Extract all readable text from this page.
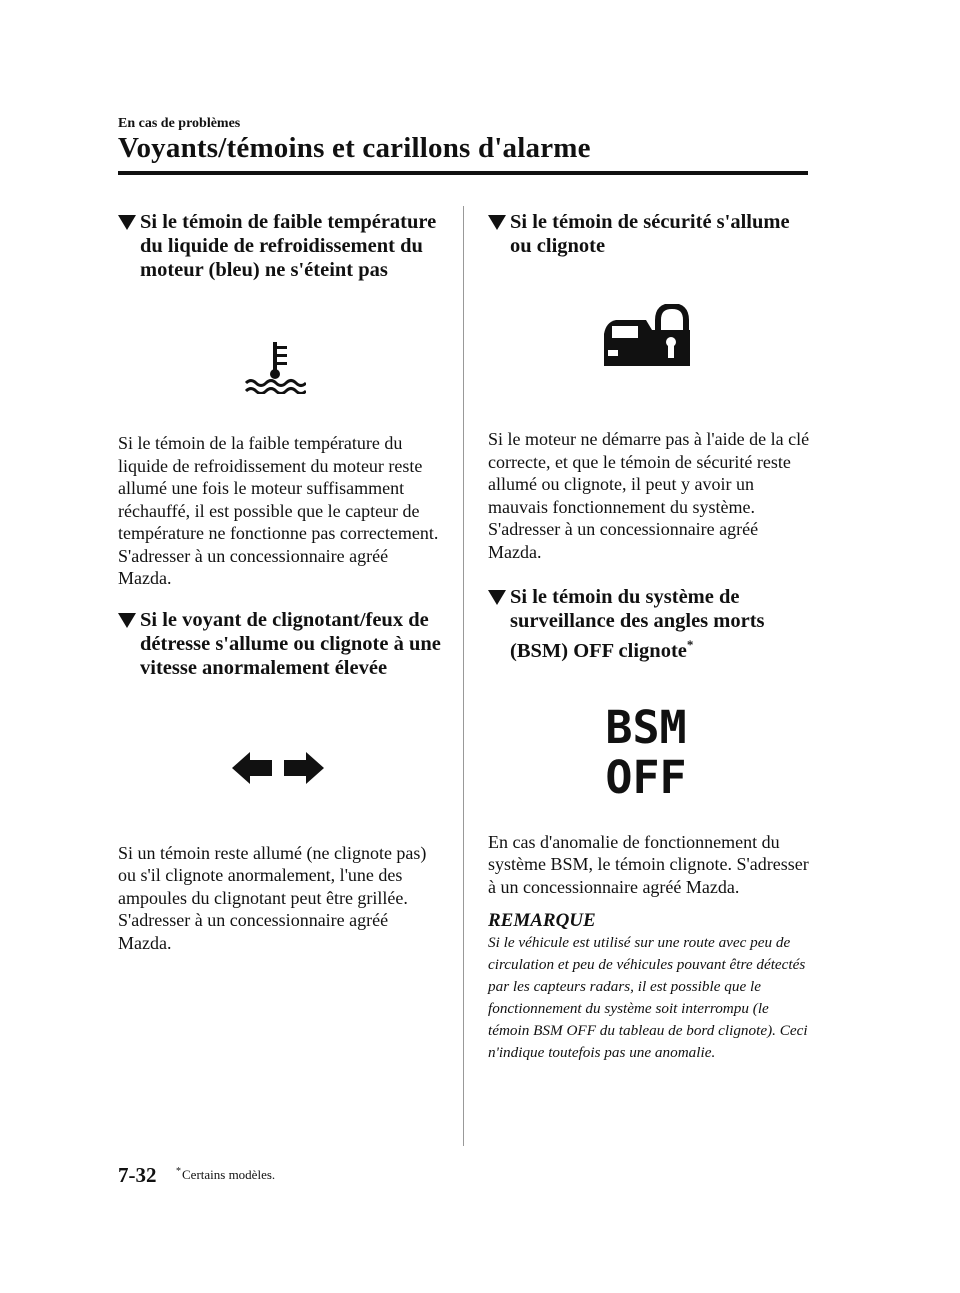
En cas de problèmes
Voyants/témoins et carillons d'alarme
Si le témoin de faible température du liquide de refroidissement du moteur (bleu) ne s'éteint pas

Si le témoin de la faible température du liquide de refroidissement du moteur reste allumé une fois le moteur suffisamment réchauffé, il est possible que le capteur de température ne fonctionne pas correctement. S'adresser à un concessionnaire agréé Mazda.

Si le voyant de clignotant/feux de détresse s'allume ou clignote à une vitesse anormalement élevée

Si un témoin reste allumé (ne clignote pas) ou s'il clignote anormalement, l'une des ampoules du clignotant peut être grillée. S'adresser à un concessionnaire agréé Mazda.

Si le témoin de sécurité s'allume ou clignote

Si le moteur ne démarre pas à l'aide de la clé correcte, et que le témoin de sécurité reste allumé ou clignote, il peut y avoir un mauvais fonctionnement du système. S'adresser à un concessionnaire agréé Mazda.

Si le témoin du système de surveillance des angles morts (BSM) OFF clignote*
BSM
OFF

En cas d'anomalie de fonctionnement du système BSM, le témoin clignote. S'adresser à un concessionnaire agréé Mazda.

REMARQUE

Si le véhicule est utilisé sur une route avec peu de circulation et peu de véhicules pouvant être détectés par les capteurs radars, il est possible que le fonctionnement du système soit interrompu (le témoin BSM OFF du tableau de bord clignote). Ceci n'indique toutefois pas une anomalie.

7-32 *Certains modèles.
